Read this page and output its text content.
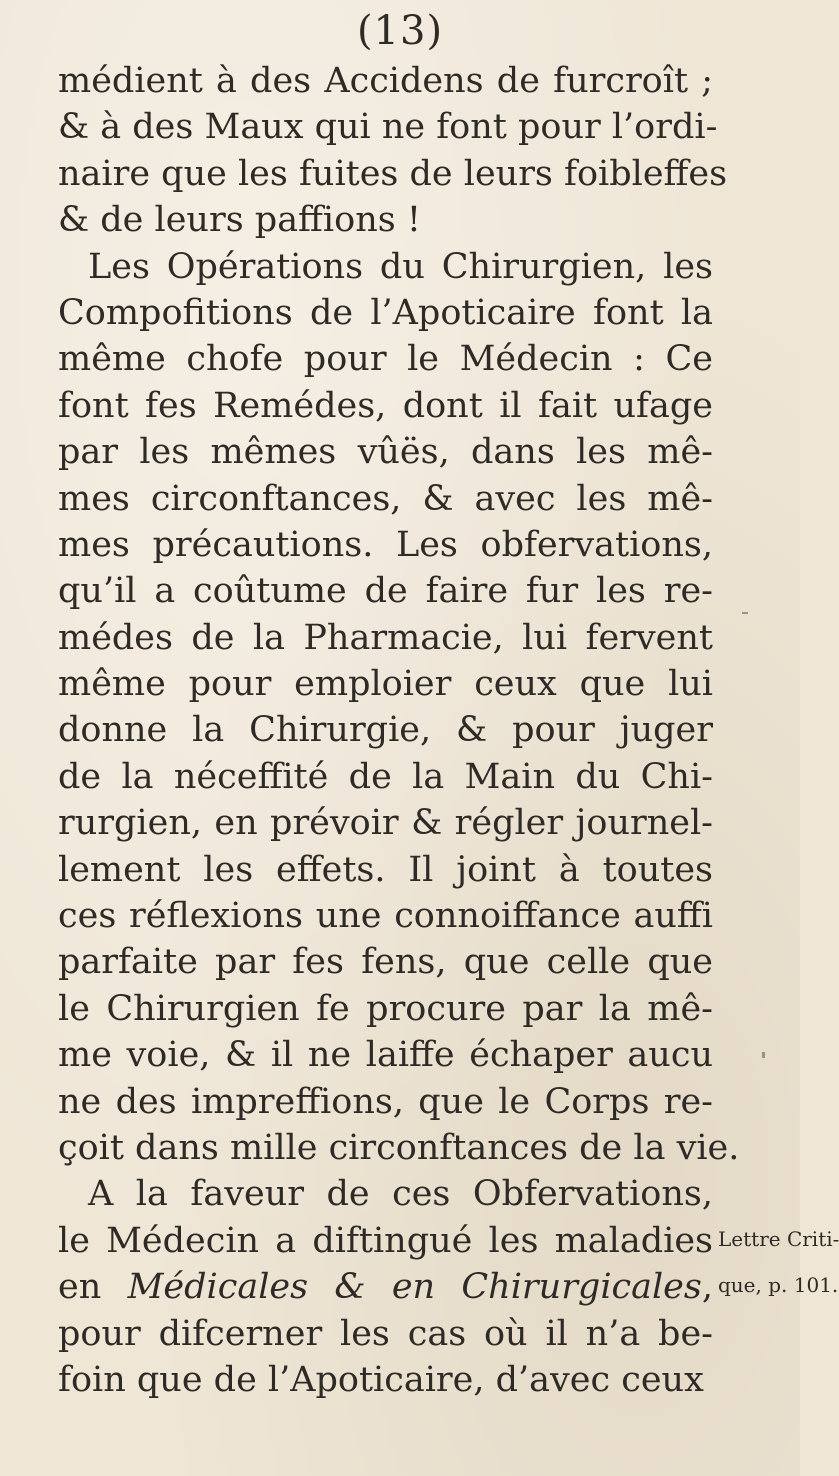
(13)
médient à des Accidens de furcroît ;
& à des Maux qui ne font pour l’ordi-
naire que les fuites de leurs foibleffes
& de leurs paffions !
Les Opérations du Chirurgien, les
Compofitions de l’Apoticaire font la
même chofe pour le Médecin : Ce
font fes Remédes, dont il fait ufage
par les mêmes vûës, dans les mê-
mes circonftances, & avec les mê-
mes précautions. Les obfervations,
qu’il a coûtume de faire fur les re-
médes de la Pharmacie, lui fervent
même pour emploier ceux que lui
donne la Chirurgie, & pour juger
de la néceffité de la Main du Chi-
rurgien, en prévoir & régler journel-
lement les effets. Il joint à toutes
ces réflexions une connoiffance auffi
parfaite par fes fens, que celle que
le Chirurgien fe procure par la mê-
me voie, & il ne laiffe échaper aucu
ne des impreffions, que le Corps re-
çoit dans mille circonftances de la vie.
A la faveur de ces Obfervations,
le Médecin a diftingué les maladies
en Médicales & en Chirurgicales,
pour difcerner les cas où il n’a be-
foin que de l’Apoticaire, d’avec ceux
Lettre Criti-
que, p. 101.
